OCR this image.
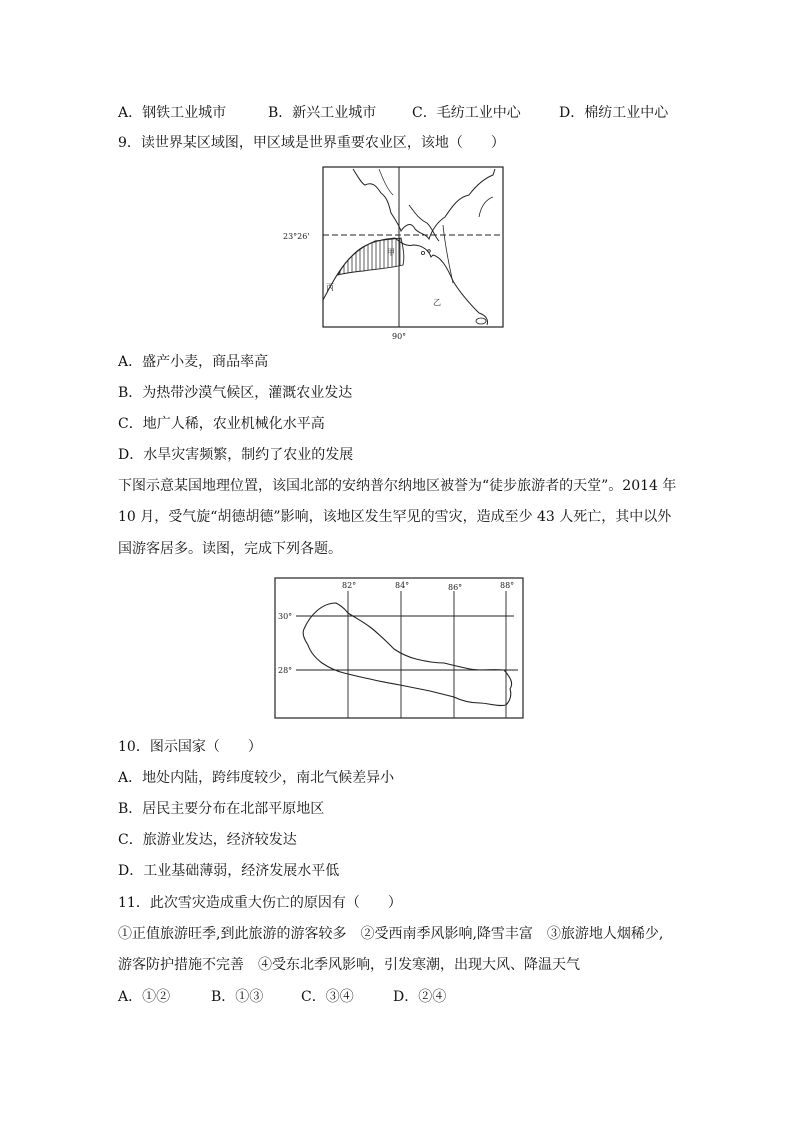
A．钢铁工业城市	B．新兴工业城市	C．毛纺工业中心	D．棉纺工业中心
9．读世界某区域图，甲区域是世界重要农业区，该地（　　）
23°26'
90°
甲
乙
丙
A．盛产小麦，商品率高
B．为热带沙漠气候区，灌溉农业发达
C．地广人稀，农业机械化水平高
D．水旱灾害频繁，制约了农业的发展
下图示意某国地理位置，该国北部的安纳普尔纳地区被誉为“徒步旅游者的天堂”。2014 年
10 月，受气旋“胡德胡德”影响，该地区发生罕见的雪灾，造成至少 43 人死亡，其中以外
国游客居多。读图，完成下列各题。
82°	84°	86°	88°
30°
28°
10．图示国家（　　）
A．地处内陆，跨纬度较少，南北气候差异小
B．居民主要分布在北部平原地区
C．旅游业发达，经济较发达
D．工业基础薄弱，经济发展水平低
11．此次雪灾造成重大伤亡的原因有（　　）
①正值旅游旺季,到此旅游的游客较多　②受西南季风影响,降雪丰富　③旅游地人烟稀少,
游客防护措施不完善　④受东北季风影响，引发寒潮，出现大风、降温天气
A．①②	B．①③	C．③④	D．②④
